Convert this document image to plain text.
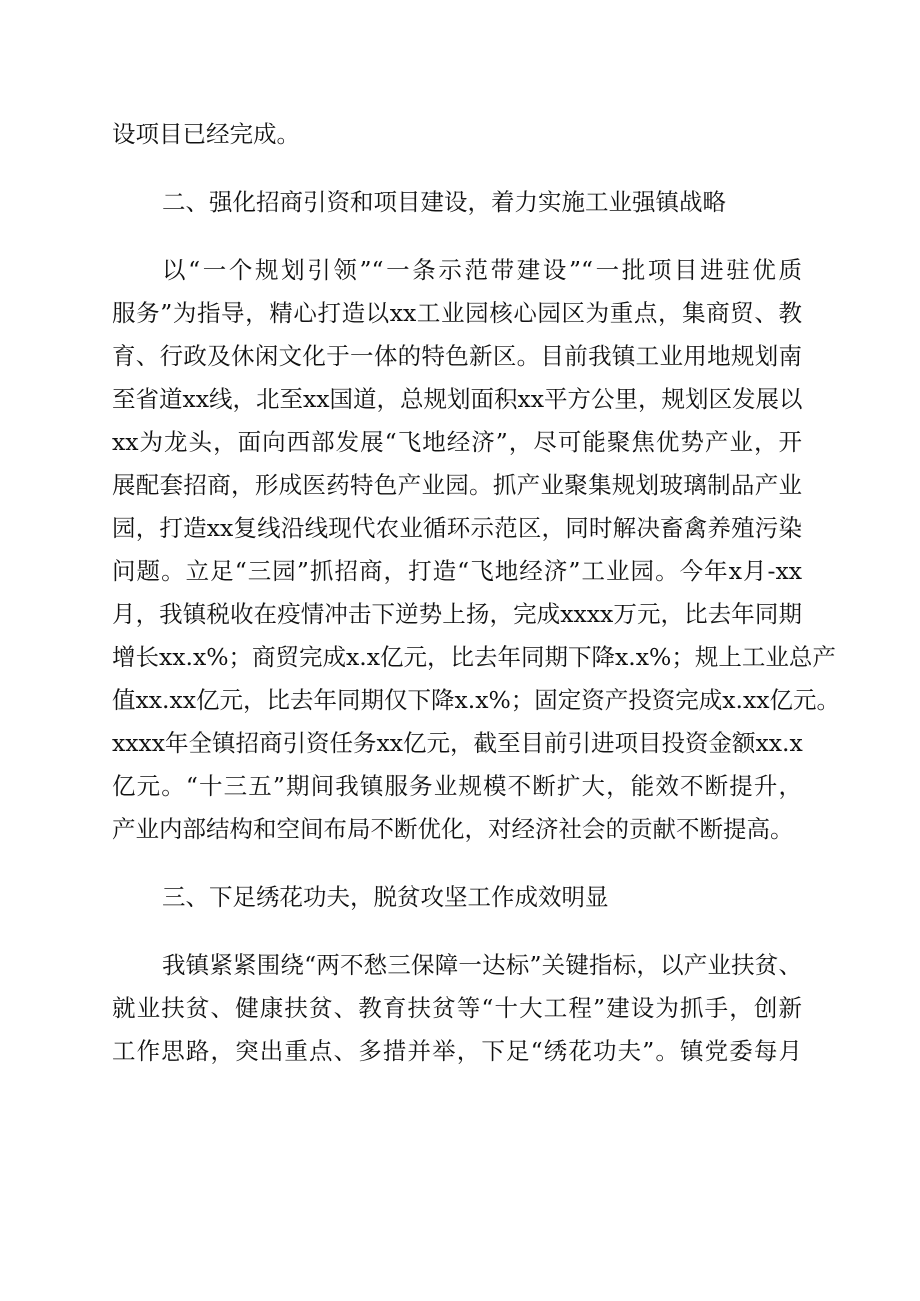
设项目已经完成。
二、强化招商引资和项目建设，着力实施工业强镇战略
以“一个规划引领”“一条示范带建设”“一批项目进驻优质
服务”为指导，精心打造以xx工业园核心园区为重点，集商贸、教
育、行政及休闲文化于一体的特色新区。目前我镇工业用地规划南
至省道xx线，北至xx国道，总规划面积xx平方公里，规划区发展以
xx为龙头，面向西部发展“飞地经济”，尽可能聚焦优势产业，开
展配套招商，形成医药特色产业园。抓产业聚集规划玻璃制品产业
园，打造xx复线沿线现代农业循环示范区，同时解决畜禽养殖污染
问题。立足“三园”抓招商，打造“飞地经济”工业园。今年x月-xx
月，我镇税收在疫情冲击下逆势上扬，完成xxxx万元，比去年同期
增长xx.x%；商贸完成x.x亿元，比去年同期下降x.x%；规上工业总产
值xx.xx亿元，比去年同期仅下降x.x%；固定资产投资完成x.xx亿元。
xxxx年全镇招商引资任务xx亿元，截至目前引进项目投资金额xx.x
亿元。“十三五”期间我镇服务业规模不断扩大，能效不断提升，
产业内部结构和空间布局不断优化，对经济社会的贡献不断提高。
三、下足绣花功夫，脱贫攻坚工作成效明显
我镇紧紧围绕“两不愁三保障一达标”关键指标，以产业扶贫、
就业扶贫、健康扶贫、教育扶贫等“十大工程”建设为抓手，创新
工作思路，突出重点、多措并举，下足“绣花功夫”。镇党委每月
